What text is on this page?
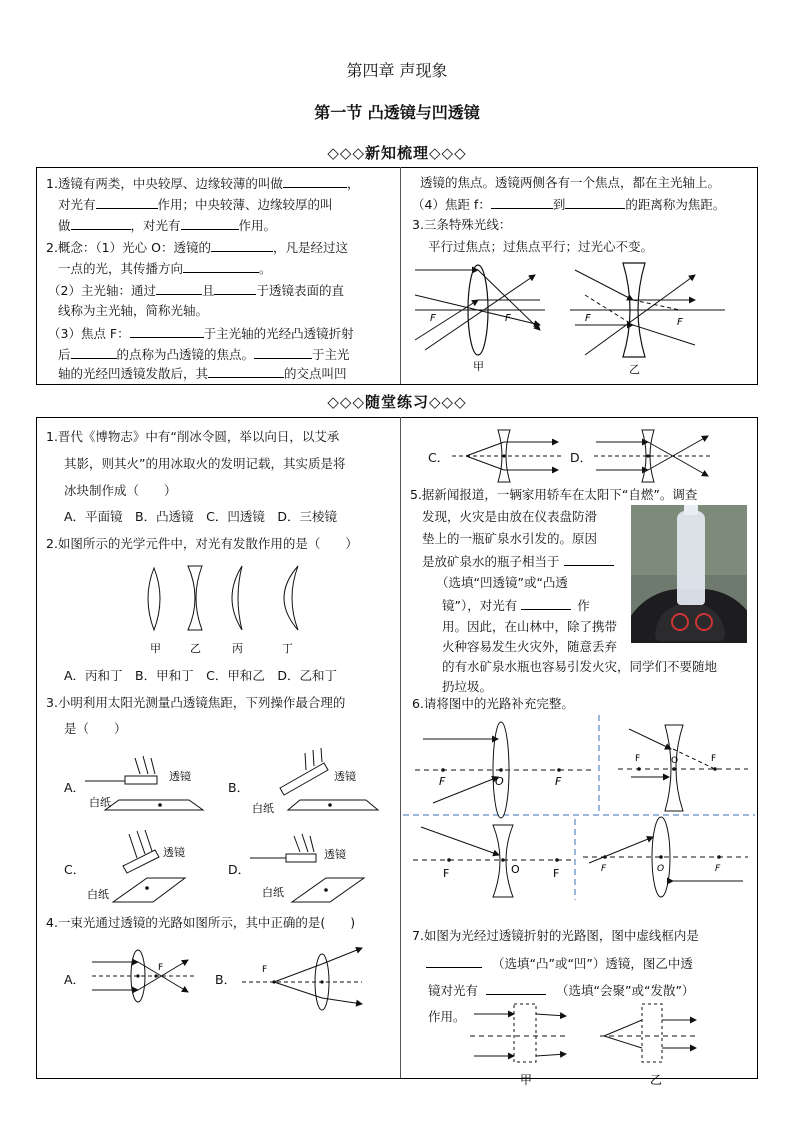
第四章 声现象
第一节 凸透镜与凹透镜
◇◇◇新知梳理◇◇◇
1.透镜有两类，中央较厚、边缘较薄的叫做	，
对光有	作用；中央较薄、边缘较厚的叫
做	，对光有	作用。
2.概念：（1）光心 O：透镜的	，凡是经过这
一点的光，其传播方向	。
（2）主光轴：通过	且	于透镜表面的直
线称为主光轴，简称光轴。
（3）焦点 F：	于主光轴的光经凸透镜折射
后	的点称为凸透镜的焦点。	于主光
轴的光经凹透镜发散后，其	的交点叫凹
透镜的焦点。透镜两侧各有一个焦点，都在主光轴上。
（4）焦距 f：	到	的距离称为焦距。
3.三条特殊光线：
平行过焦点；过焦点平行；过光心不变。
F	F
甲
F	F
乙
◇◇◇随堂练习◇◇◇
1.晋代《博物志》中有“削冰令圆，举以向日，以艾承
其影，则其火”的用冰取火的发明记载，其实质是将
冰块制作成（　　）
A．平面镜　B．凸透镜　C．凹透镜　D．三棱镜
2.如图所示的光学元件中，对光有发散作用的是（　　）
甲	乙	丙	丁
A．丙和丁　B．甲和丁　C．甲和乙　D．乙和丁
3.小明利用太阳光测量凸透镜焦距，下列操作最合理的
是（　　）
A．
透镜
白纸
B．
透镜
白纸
C．
透镜
白纸
D．
透镜
白纸
4.一束光通过透镜的光路如图所示，其中正确的是(　　)
A．
F
B．
F
C．	D．
5.据新闻报道，一辆家用轿车在太阳下“自燃”。调查
发现，火灾是由放在仪表盘防滑
垫上的一瓶矿泉水引发的。原因
是放矿泉水的瓶子相当于
（选填“凹透镜”或“凸透
镜”），对光有	作
用。因此，在山林中，除了携带
火种容易发生火灾外，随意丢弃
的有水矿泉水瓶也容易引发火灾，同学们不要随地
扔垃圾。
6.请将图中的光路补充完整。
F	O	F
F	O	F
F	O	F	F	O	F
7.如图为光经过透镜折射的光路图，图中虚线框内是
（选填“凸”或“凹”）透镜，图乙中透
镜对光有	（选填“会聚”或“发散”）
作用。
甲	乙
